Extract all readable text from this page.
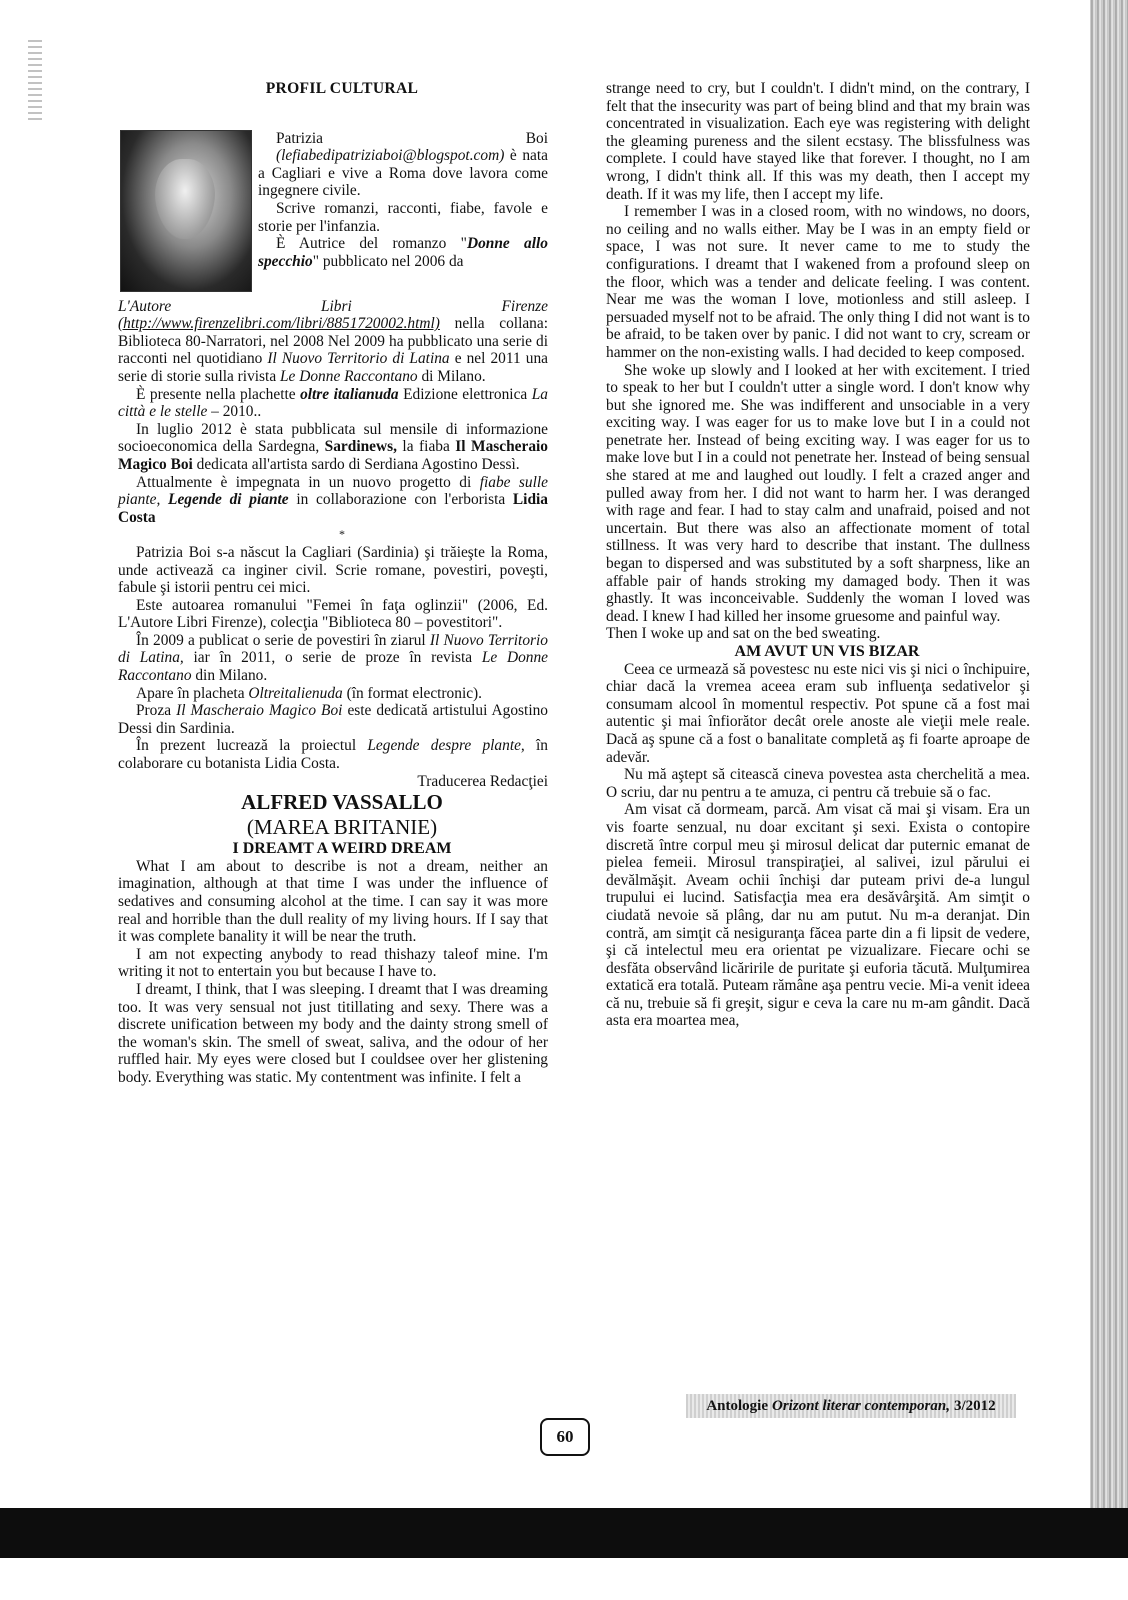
PROFIL CULTURAL

Patrizia	Boi

(lefiabedipatriziaboi@blogspot.com) è nata a Cagliari e vive a Roma dove lavora come ingegnere civile.

Scrive romanzi, racconti, fiabe, favole e storie per l'infanzia.

È Autrice del romanzo "Donne allo specchio" pubblicato nel 2006 da

L'Autore	Libri	Firenze

(http://www.firenzelibri.com/libri/8851720002.html) nella collana: Biblioteca 80-Narratori, nel 2008 Nel 2009 ha pubblicato una serie di racconti nel quotidiano Il Nuovo Territorio di Latina e nel 2011 una serie di storie sulla rivista Le Donne Raccontano di Milano.

È presente nella plachette oltre italianuda Edizione elettronica La città e le stelle – 2010..

In luglio 2012 è stata pubblicata sul mensile di informazione socioeconomica della Sardegna, Sardinews, la fiaba Il Mascheraio Magico Boi dedicata all'artista sardo di Serdiana Agostino Dessì.

Attualmente è impegnata in un nuovo progetto di fiabe sulle piante, Legende di piante in collaborazione con l'erborista Lidia Costa

*

Patrizia Boi s-a născut la Cagliari (Sardinia) şi trăieşte la Roma, unde activează ca inginer civil. Scrie romane, povestiri, poveşti, fabule şi istorii pentru cei mici.

Este autoarea romanului "Femei în faţa oglinzii" (2006, Ed. L'Autore Libri Firenze), colecţia "Biblioteca 80 – povestitori".

În 2009 a publicat o serie de povestiri în ziarul Il Nuovo Territorio di Latina, iar în 2011, o serie de proze în revista Le Donne Raccontano din Milano.

Apare în placheta Oltreitalienuda (în format electronic).

Proza Il Mascheraio Magico Boi este dedicată artistului Agostino Dessi din Sardinia.

În prezent lucrează la proiectul Legende despre plante, în colaborare cu botanista Lidia Costa.

Traducerea Redacţiei

ALFRED VASSALLO

(MAREA BRITANIE)

I DREAMT A WEIRD DREAM

What I am about to describe is not a dream, neither an imagination, although at that time I was under the influence of sedatives and consuming alcohol at the time. I can say it was more real and horrible than the dull reality of my living hours. If I say that it was complete banality it will be near the truth.

I am not expecting anybody to read thishazy taleof mine. I'm writing it not to entertain you but because I have to.

I dreamt, I think, that I was sleeping. I dreamt that I was dreaming too. It was very sensual not just titillating and sexy. There was a discrete unification between my body and the dainty strong smell of the woman's skin. The smell of sweat, saliva, and the odour of her ruffled hair. My eyes were closed but I couldsee over her glistening body. Everything was static. My contentment was infinite. I felt a

strange need to cry, but I couldn't. I didn't mind, on the contrary, I felt that the insecurity was part of being blind and that my brain was concentrated in visualization. Each eye was registering with delight the gleaming pureness and the silent ecstasy. The blissfulness was complete. I could have stayed like that forever. I thought, no I am wrong, I didn't think all. If this was my death, then I accept my death. If it was my life, then I accept my life.

I remember I was in a closed room, with no windows, no doors, no ceiling and no walls either. May be I was in an empty field or space, I was not sure. It never came to me to study the configurations. I dreamt that I wakened from a profound sleep on the floor, which was a tender and delicate feeling. I was content. Near me was the woman I love, motionless and still asleep. I persuaded myself not to be afraid. The only thing I did not want is to be afraid, to be taken over by panic. I did not want to cry, scream or hammer on the non-existing walls. I had decided to keep composed.

She woke up slowly and I looked at her with excitement. I tried to speak to her but I couldn't utter a single word. I don't know why but she ignored me. She was indifferent and unsociable in a very exciting way. I was eager for us to make love but I in a could not penetrate her. Instead of being exciting way. I was eager for us to make love but I in a could not penetrate her. Instead of being sensual she stared at me and laughed out loudly. I felt a crazed anger and pulled away from her. I did not want to harm her. I was deranged with rage and fear. I had to stay calm and unafraid, poised and not uncertain. But there was also an affectionate moment of total stillness. It was very hard to describe that instant. The dullness began to dispersed and was substituted by a soft sharpness, like an affable pair of hands stroking my damaged body. Then it was ghastly. It was inconceivable. Suddenly the woman I loved was dead. I knew I had killed her insome gruesome and painful way.

Then I woke up and sat on the bed sweating.

AM AVUT UN VIS BIZAR

Ceea ce urmează să povestesc nu este nici vis şi nici o închipuire, chiar dacă la vremea aceea eram sub influenţa sedativelor şi consumam alcool în momentul respectiv. Pot spune că a fost mai autentic şi mai înfiorător decât orele anoste ale vieţii mele reale. Dacă aş spune că a fost o banalitate completă aş fi foarte aproape de adevăr.

Nu mă aştept să citească cineva povestea asta cherchelită a mea. O scriu, dar nu pentru a te amuza, ci pentru că trebuie să o fac.

Am visat că dormeam, parcă. Am visat că mai şi visam. Era un vis foarte senzual, nu doar excitant şi sexi. Exista o contopire discretă între corpul meu şi mirosul delicat dar puternic emanat de pielea femeii. Mirosul transpiraţiei, al salivei, izul părului ei devălmăşit. Aveam ochii închişi dar puteam privi de-a lungul trupului ei lucind. Satisfacţia mea era desăvârşită. Am simţit o ciudată nevoie să plâng, dar nu am putut. Nu m-a deranjat. Din contră, am simţit că nesiguranţa făcea parte din a fi lipsit de vedere, şi că intelectul meu era orientat pe vizualizare. Fiecare ochi se desfăta observând licăririle de puritate şi euforia tăcută. Mulţumirea extatică era totală. Puteam rămâne aşa pentru vecie. Mi-a venit ideea că nu, trebuie să fi greşit, sigur e ceva la care nu m-am gândit. Dacă asta era moartea mea,

Antologie Orizont literar contemporan, 3/2012
60
